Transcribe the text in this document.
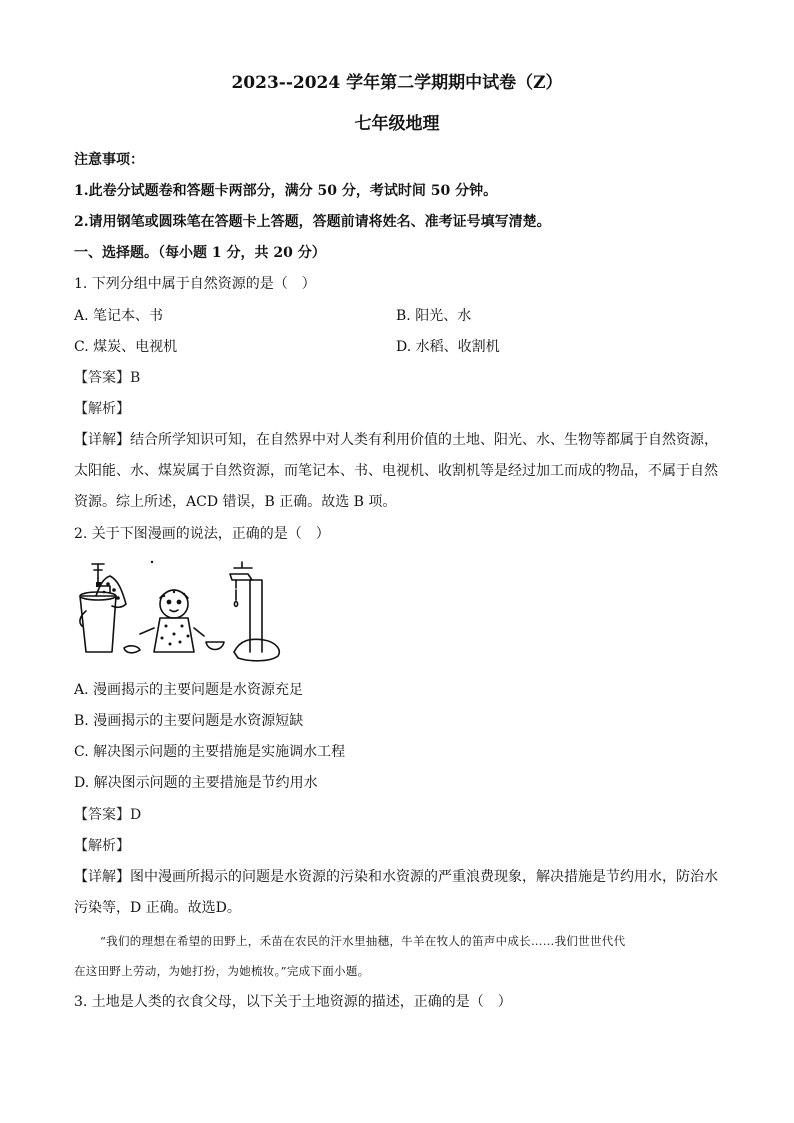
2023--2024 学年第二学期期中试卷（Z）
七年级地理
注意事项：
1.此卷分试题卷和答题卡两部分，满分 50 分，考试时间 50 分钟。
2.请用钢笔或圆珠笔在答题卡上答题，答题前请将姓名、准考证号填写清楚。
一、选择题。（每小题 1 分，共 20 分）
1. 下列分组中属于自然资源的是（　）
A. 笔记本、书	B. 阳光、水
C. 煤炭、电视机	D. 水稻、收割机
【答案】B
【解析】
【详解】结合所学知识可知，在自然界中对人类有利用价值的土地、阳光、水、生物等都属于自然资源，
太阳能、水、煤炭属于自然资源，而笔记本、书、电视机、收割机等是经过加工而成的物品，不属于自然
资源。综上所述，ACD 错误，B 正确。故选 B 项。
2. 关于下图漫画的说法，正确的是（　）
A. 漫画揭示的主要问题是水资源充足
B. 漫画揭示的主要问题是水资源短缺
C. 解决图示问题的主要措施是实施调水工程
D. 解决图示问题的主要措施是节约用水
【答案】D
【解析】
【详解】图中漫画所揭示的问题是水资源的污染和水资源的严重浪费现象，解决措施是节约用水，防治水
污染等，D 正确。故选D。
“我们的理想在希望的田野上，禾苗在农民的汗水里抽穗，牛羊在牧人的笛声中成长……我们世世代代
在这田野上劳动，为她打扮，为她梳妆。”完成下面小题。
3. 土地是人类的衣食父母，以下关于土地资源的描述，正确的是（　）
